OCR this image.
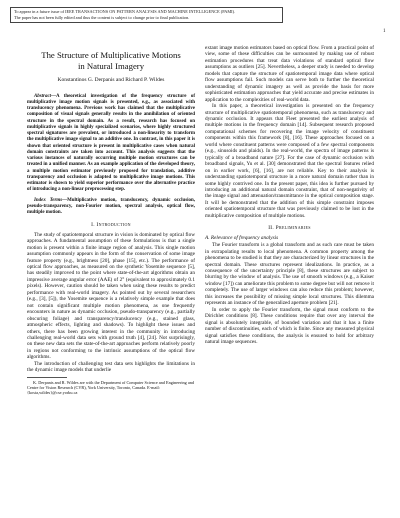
To appear in a future issue of IEEE TRANSACTIONS ON PATTERN ANALYSIS AND MACHINE INTELLIGENCE (PAMI).
The paper has not been fully edited and thus the content is subject to change prior to final publication.
1
The Structure of Multiplicative Motions
in Natural Imagery
Konstantinos G. Derpanis and Richard P. Wildes

Abstract—A theoretical investigation of the frequency structure of multiplicative image motion signals is presented, e.g., as associated with translucency phenomena. Previous work has claimed that the multiplicative composition of visual signals generally results in the annihilation of oriented structure in the spectral domain. As a result, research has focused on multiplicative signals in highly specialized scenarios, where highly structured spectral signatures are prevalent, or introduced a non-linearity to transform the multiplicative image signal to an additive one. In contrast, in this paper it is shown that oriented structure is present in multiplicative cases when natural domain constraints are taken into account. This analysis suggests that the various instances of naturally occurring multiple motion structures can be treated in a unified manner. As an example application of the developed theory, a multiple motion estimator previously proposed for translation, additive transparency and occlusion is adapted to multiplicative image motions. This estimator is shown to yield superior performance over the alternative practice of introducing a non-linear preprocessing step.

Index Terms—Multiplicative motion, translucency, dynamic occlusion, pseudo-transparency, non-Fourier motion, spectral analysis, optical flow, multiple motion.

I. Introduction

The study of spatiotemporal structure in vision is dominated by optical flow approaches. A fundamental assumption of these formulations is that a single motion is present within a finite image region of analysis. This single motion assumption commonly appears in the form of the conservation of some image feature property (e.g., brightness [20], phase [15], etc.). The performance of optical flow approaches, as measured on the synthetic Yosemite sequence [5], has steadily improved to the point where state-of-the-art algorithms obtain an impressive average angular error (AAE) of 2° (equivalent to approximately 0.1 pixels). However, caution should be taken when using these results to predict performance with real-world imagery. As pointed out by several researchers (e.g., [3], [5]), the Yosemite sequence is a relatively simple example that does not contain significant multiple motion phenomena, as one frequently encounters in nature as dynamic occlusion, pseudo-transparency (e.g., partially obscuring foliage) and transparency/translucency (e.g., stained glass, atmospheric effects, lighting and shadows). To highlight these issues and others, there has been growing interest in the community in introducing challenging real-world data sets with ground truth [4], [24]. Not surprisingly, on these new data sets the state-of-the-art approaches perform relatively poorly in regions not conforming to the intrinsic assumptions of the optical flow algorithms.

The introduction of challenging test data sets highlights the limitations in the dynamic image models that underlie

K. Derpanis and R. Wildes are with the Department of Computer Science and Engineering and Centre for Vision Research (CVR), York University, Toronto, Canada. E-mail: {kosta,wildes}@cse.yorku.ca

extant image motion estimators based on optical flow. From a practical point of view, some of these difficulties can be surmounted by making use of robust estimation procedures that treat data violations of standard optical flow assumptions as outliers [25]. Nevertheless, a deeper study is needed to develop models that capture the structure of spatiotemporal image data where optical flow assumptions fail. Such models can serve both to further the theoretical understanding of dynamic imagery as well as provide the basis for more sophisticated estimation approaches that yield accurate and precise estimates in application to the complexities of real-world data.

In this paper, a theoretical investigation is presented on the frequency structure of multiplicative spatiotemporal phenomena, such as translucency and dynamic occlusion. It appears that Fleet presented the earliest analysis of multiple motions in the frequency domain [14]. Subsequent research proposed computational schemes for recovering the image velocity of constituent components within this framework [8], [16]. These approaches focused on a world where constituent patterns were composed of a few spectral components (e.g., sinusoids and plaids). In the real-world, the spectra of image patterns is typically of a broadband nature [27]. For the case of dynamic occlusion with broadband signals, Yu et al. [30] demonstrated that the spectral features relied on in earlier work, [6], [16], are not reliable. Key to their analysis is understanding spatiotemporal structure in a more natural domain rather than in some highly contrived one. In the present paper, this idea is further pursued by introducing an additional natural domain constraint, that of non-negativity of the image signal and attenuation/transmittance in the optical composition stage. It will be demonstrated that the addition of this simple constraint imposes oriented spatiotemporal structure that was previously claimed to be lost in the multiplicative composition of multiple motions.

II. Preliminaries
A. Relevance of frequency analysis

The Fourier transform is a global transform and as such care must be taken in extrapolating results to local phenomena. A common property among the phenomena to be studied is that they are characterized by linear structures in the spectral domain. These structures represent idealizations. In practice, as a consequence of the uncertainty principle [8], these structures are subject to blurring by the window of analysis. The use of smooth windows (e.g., a Kaiser window [17]) can ameliorate this problem to some degree but will not remove it completely. The use of larger windows can also reduce this problem; however, this increases the possibility of missing simple local structures. This dilemma represents an instance of the generalized aperture problem [21].

In order to apply the Fourier transform, the signal must conform to the Dirichlet conditions [8]. These conditions require that over any interval the signal is absolutely integrable, of bounded variation and that it has a finite number of discontinuities, each of which is finite. Since any measured physical signal satisfies these conditions, the analysis is ensured to hold for arbitrary natural image sequences.
